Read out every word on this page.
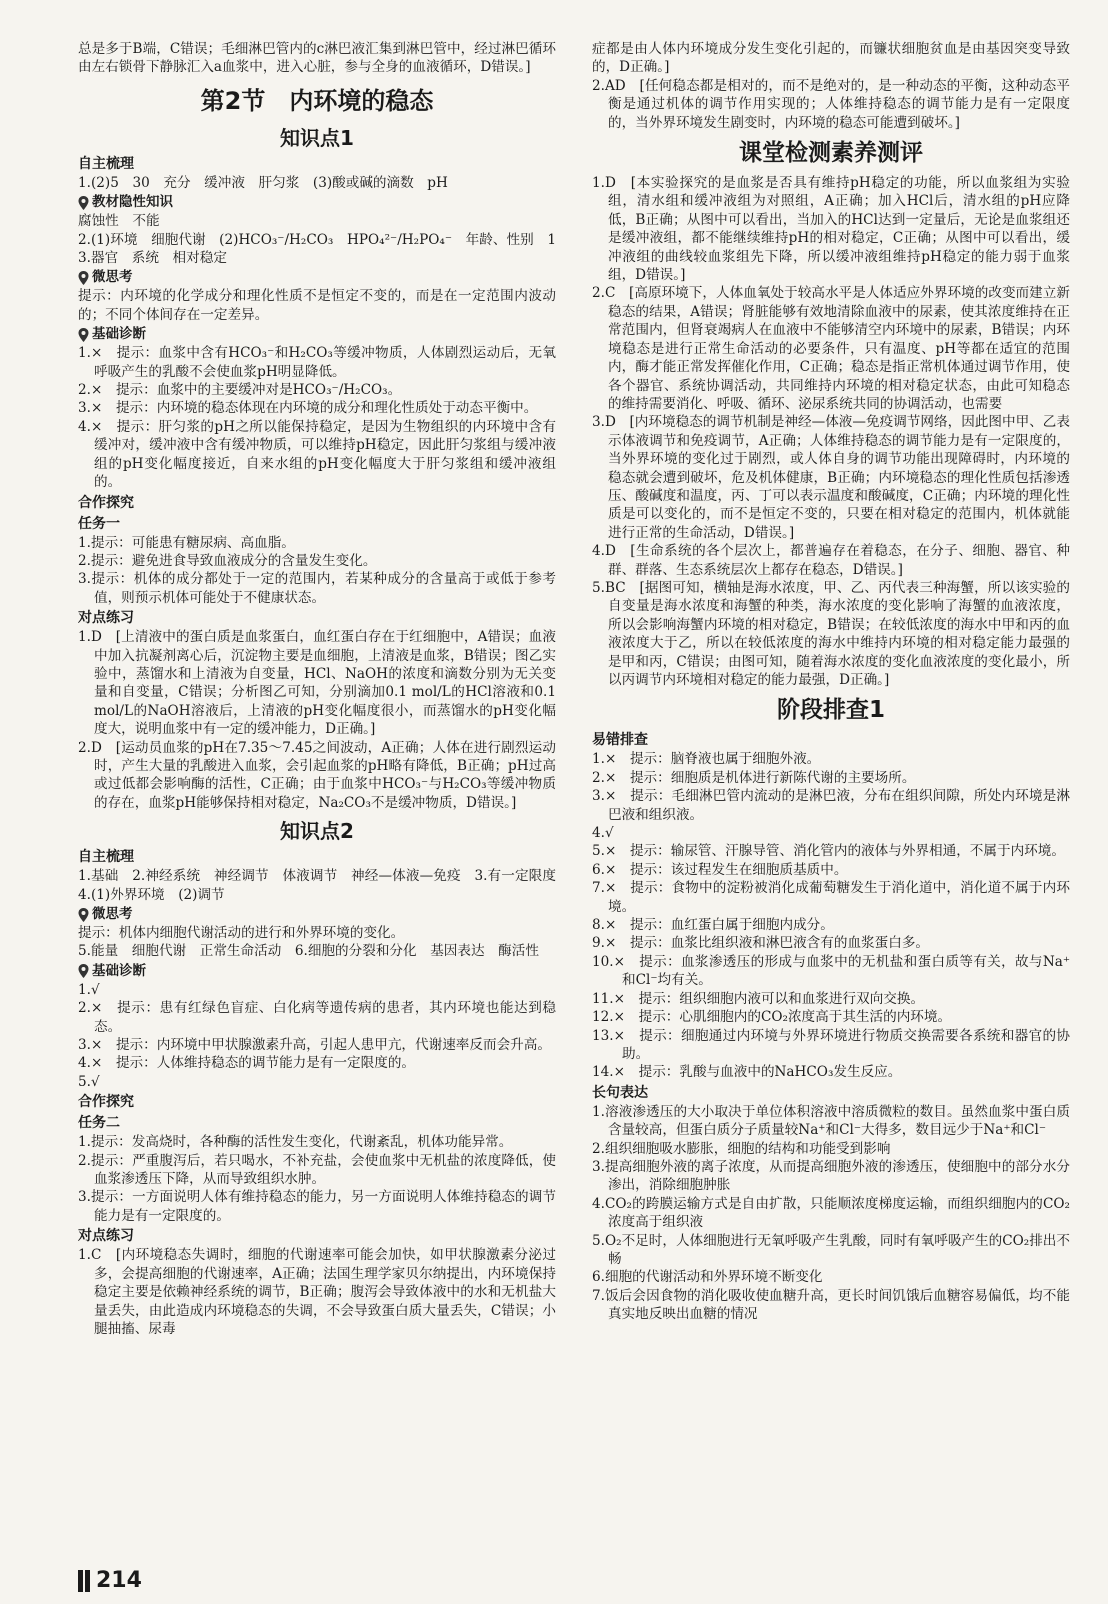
总是多于B端，C错误；毛细淋巴管内的c淋巴液汇集到淋巴管中，经过淋巴循环由左右锁骨下静脉汇入a血浆中，进入心脏，参与全身的血液循环，D错误。]

第2节　内环境的稳态
知识点1
自主梳理

1.(2)5　30　充分　缓冲液　肝匀浆　(3)酸或碱的滴数　pH

教材隐性知识

腐蚀性　不能

2.(1)环境　细胞代谢　(2)HCO₃⁻/H₂CO₃　HPO₄²⁻/H₂PO₄⁻　年龄、性别　1　3.器官　系统　相对稳定

微思考

提示：内环境的化学成分和理化性质不是恒定不变的，而是在一定范围内波动的；不同个体间存在一定差异。

基础诊断

1.×　提示：血浆中含有HCO₃⁻和H₂CO₃等缓冲物质，人体剧烈运动后，无氧呼吸产生的乳酸不会使血浆pH明显降低。

2.×　提示：血浆中的主要缓冲对是HCO₃⁻/H₂CO₃。

3.×　提示：内环境的稳态体现在内环境的成分和理化性质处于动态平衡中。

4.×　提示：肝匀浆的pH之所以能保持稳定，是因为生物组织的内环境中含有缓冲对，缓冲液中含有缓冲物质，可以维持pH稳定，因此肝匀浆组与缓冲液组的pH变化幅度接近，自来水组的pH变化幅度大于肝匀浆组和缓冲液组的。

合作探究
任务一

1.提示：可能患有糖尿病、高血脂。

2.提示：避免进食导致血液成分的含量发生变化。

3.提示：机体的成分都处于一定的范围内，若某种成分的含量高于或低于参考值，则预示机体可能处于不健康状态。

对点练习

1.D　[上清液中的蛋白质是血浆蛋白，血红蛋白存在于红细胞中，A错误；血液中加入抗凝剂离心后，沉淀物主要是血细胞，上清液是血浆，B错误；图乙实验中，蒸馏水和上清液为自变量，HCl、NaOH的浓度和滴数分别为无关变量和自变量，C错误；分析图乙可知，分别滴加0.1 mol/L的HCl溶液和0.1 mol/L的NaOH溶液后，上清液的pH变化幅度很小，而蒸馏水的pH变化幅度大，说明血浆中有一定的缓冲能力，D正确。]

2.D　[运动员血浆的pH在7.35～7.45之间波动，A正确；人体在进行剧烈运动时，产生大量的乳酸进入血浆，会引起血浆的pH略有降低，B正确；pH过高或过低都会影响酶的活性，C正确；由于血浆中HCO₃⁻与H₂CO₃等缓冲物质的存在，血浆pH能够保持相对稳定，Na₂CO₃不是缓冲物质，D错误。]

知识点2
自主梳理

1.基础　2.神经系统　神经调节　体液调节　神经—体液—免疫　3.有一定限度　4.(1)外界环境　(2)调节

微思考

提示：机体内细胞代谢活动的进行和外界环境的变化。

5.能量　细胞代谢　正常生命活动　6.细胞的分裂和分化　基因表达　酶活性

基础诊断

1.√

2.×　提示：患有红绿色盲症、白化病等遗传病的患者，其内环境也能达到稳态。

3.×　提示：内环境中甲状腺激素升高，引起人患甲亢，代谢速率反而会升高。

4.×　提示：人体维持稳态的调节能力是有一定限度的。

5.√

合作探究
任务二

1.提示：发高烧时，各种酶的活性发生变化，代谢紊乱，机体功能异常。

2.提示：严重腹泻后，若只喝水，不补充盐，会使血浆中无机盐的浓度降低，使血浆渗透压下降，从而导致组织水肿。

3.提示：一方面说明人体有维持稳态的能力，另一方面说明人体维持稳态的调节能力是有一定限度的。

对点练习

1.C　[内环境稳态失调时，细胞的代谢速率可能会加快，如甲状腺激素分泌过多，会提高细胞的代谢速率，A正确；法国生理学家贝尔纳提出，内环境保持稳定主要是依赖神经系统的调节，B正确；腹泻会导致体液中的水和无机盐大量丢失，由此造成内环境稳态的失调，不会导致蛋白质大量丢失，C错误；小腿抽搐、尿毒

症都是由人体内环境成分发生变化引起的，而镰状细胞贫血是由基因突变导致的，D正确。]

2.AD　[任何稳态都是相对的，而不是绝对的，是一种动态的平衡，这种动态平衡是通过机体的调节作用实现的；人体维持稳态的调节能力是有一定限度的，当外界环境发生剧变时，内环境的稳态可能遭到破坏。]

课堂检测素养测评

1.D　[本实验探究的是血浆是否具有维持pH稳定的功能，所以血浆组为实验组，清水组和缓冲液组为对照组，A正确；加入HCl后，清水组的pH应降低，B正确；从图中可以看出，当加入的HCl达到一定量后，无论是血浆组还是缓冲液组，都不能继续维持pH的相对稳定，C正确；从图中可以看出，缓冲液组的曲线较血浆组先下降，所以缓冲液组维持pH稳定的能力弱于血浆组，D错误。]

2.C　[高原环境下，人体血氧处于较高水平是人体适应外界环境的改变而建立新稳态的结果，A错误；肾脏能够有效地清除血液中的尿素，使其浓度维持在正常范围内，但肾衰竭病人在血液中不能够清空内环境中的尿素，B错误；内环境稳态是进行正常生命活动的必要条件，只有温度、pH等都在适宜的范围内，酶才能正常发挥催化作用，C正确；稳态是指正常机体通过调节作用，使各个器官、系统协调活动，共同维持内环境的相对稳定状态，由此可知稳态的维持需要消化、呼吸、循环、泌尿系统共同的协调活动，也需要

3.D　[内环境稳态的调节机制是神经—体液—免疫调节网络，因此图中甲、乙表示体液调节和免疫调节，A正确；人体维持稳态的调节能力是有一定限度的，当外界环境的变化过于剧烈，或人体自身的调节功能出现障碍时，内环境的稳态就会遭到破坏，危及机体健康，B正确；内环境稳态的理化性质包括渗透压、酸碱度和温度，丙、丁可以表示温度和酸碱度，C正确；内环境的理化性质是可以变化的，而不是恒定不变的，只要在相对稳定的范围内，机体就能进行正常的生命活动，D错误。]

4.D　[生命系统的各个层次上，都普遍存在着稳态，在分子、细胞、器官、种群、群落、生态系统层次上都存在稳态，D错误。]

5.BC　[据图可知，横轴是海水浓度，甲、乙、丙代表三种海蟹，所以该实验的自变量是海水浓度和海蟹的种类，海水浓度的变化影响了海蟹的血液浓度，所以会影响海蟹内环境的相对稳定，B错误；在较低浓度的海水中甲和丙的血液浓度大于乙，所以在较低浓度的海水中维持内环境的相对稳定能力最强的是甲和丙，C错误；由图可知，随着海水浓度的变化血液浓度的变化最小，所以丙调节内环境相对稳定的能力最强，D正确。]

阶段排查1
易错排查

1.×　提示：脑脊液也属于细胞外液。

2.×　提示：细胞质是机体进行新陈代谢的主要场所。

3.×　提示：毛细淋巴管内流动的是淋巴液，分布在组织间隙，所处内环境是淋巴液和组织液。

4.√

5.×　提示：输尿管、汗腺导管、消化管内的液体与外界相通，不属于内环境。

6.×　提示：该过程发生在细胞质基质中。

7.×　提示：食物中的淀粉被消化成葡萄糖发生于消化道中，消化道不属于内环境。

8.×　提示：血红蛋白属于细胞内成分。

9.×　提示：血浆比组织液和淋巴液含有的血浆蛋白多。

10.×　提示：血浆渗透压的形成与血浆中的无机盐和蛋白质等有关，故与Na⁺和Cl⁻均有关。

11.×　提示：组织细胞内液可以和血浆进行双向交换。

12.×　提示：心肌细胞内的CO₂浓度高于其生活的内环境。

13.×　提示：细胞通过内环境与外界环境进行物质交换需要各系统和器官的协助。

14.×　提示：乳酸与血液中的NaHCO₃发生反应。

长句表达

1.溶液渗透压的大小取决于单位体积溶液中溶质微粒的数目。虽然血浆中蛋白质含量较高，但蛋白质分子质量较Na⁺和Cl⁻大得多，数目远少于Na⁺和Cl⁻

2.组织细胞吸水膨胀，细胞的结构和功能受到影响

3.提高细胞外液的离子浓度，从而提高细胞外液的渗透压，使细胞中的部分水分渗出，消除细胞肿胀

4.CO₂的跨膜运输方式是自由扩散，只能顺浓度梯度运输，而组织细胞内的CO₂浓度高于组织液

5.O₂不足时，人体细胞进行无氧呼吸产生乳酸，同时有氧呼吸产生的CO₂排出不畅

6.细胞的代谢活动和外界环境不断变化

7.饭后会因食物的消化吸收使血糖升高，更长时间饥饿后血糖容易偏低，均不能真实地反映出血糖的情况

214
